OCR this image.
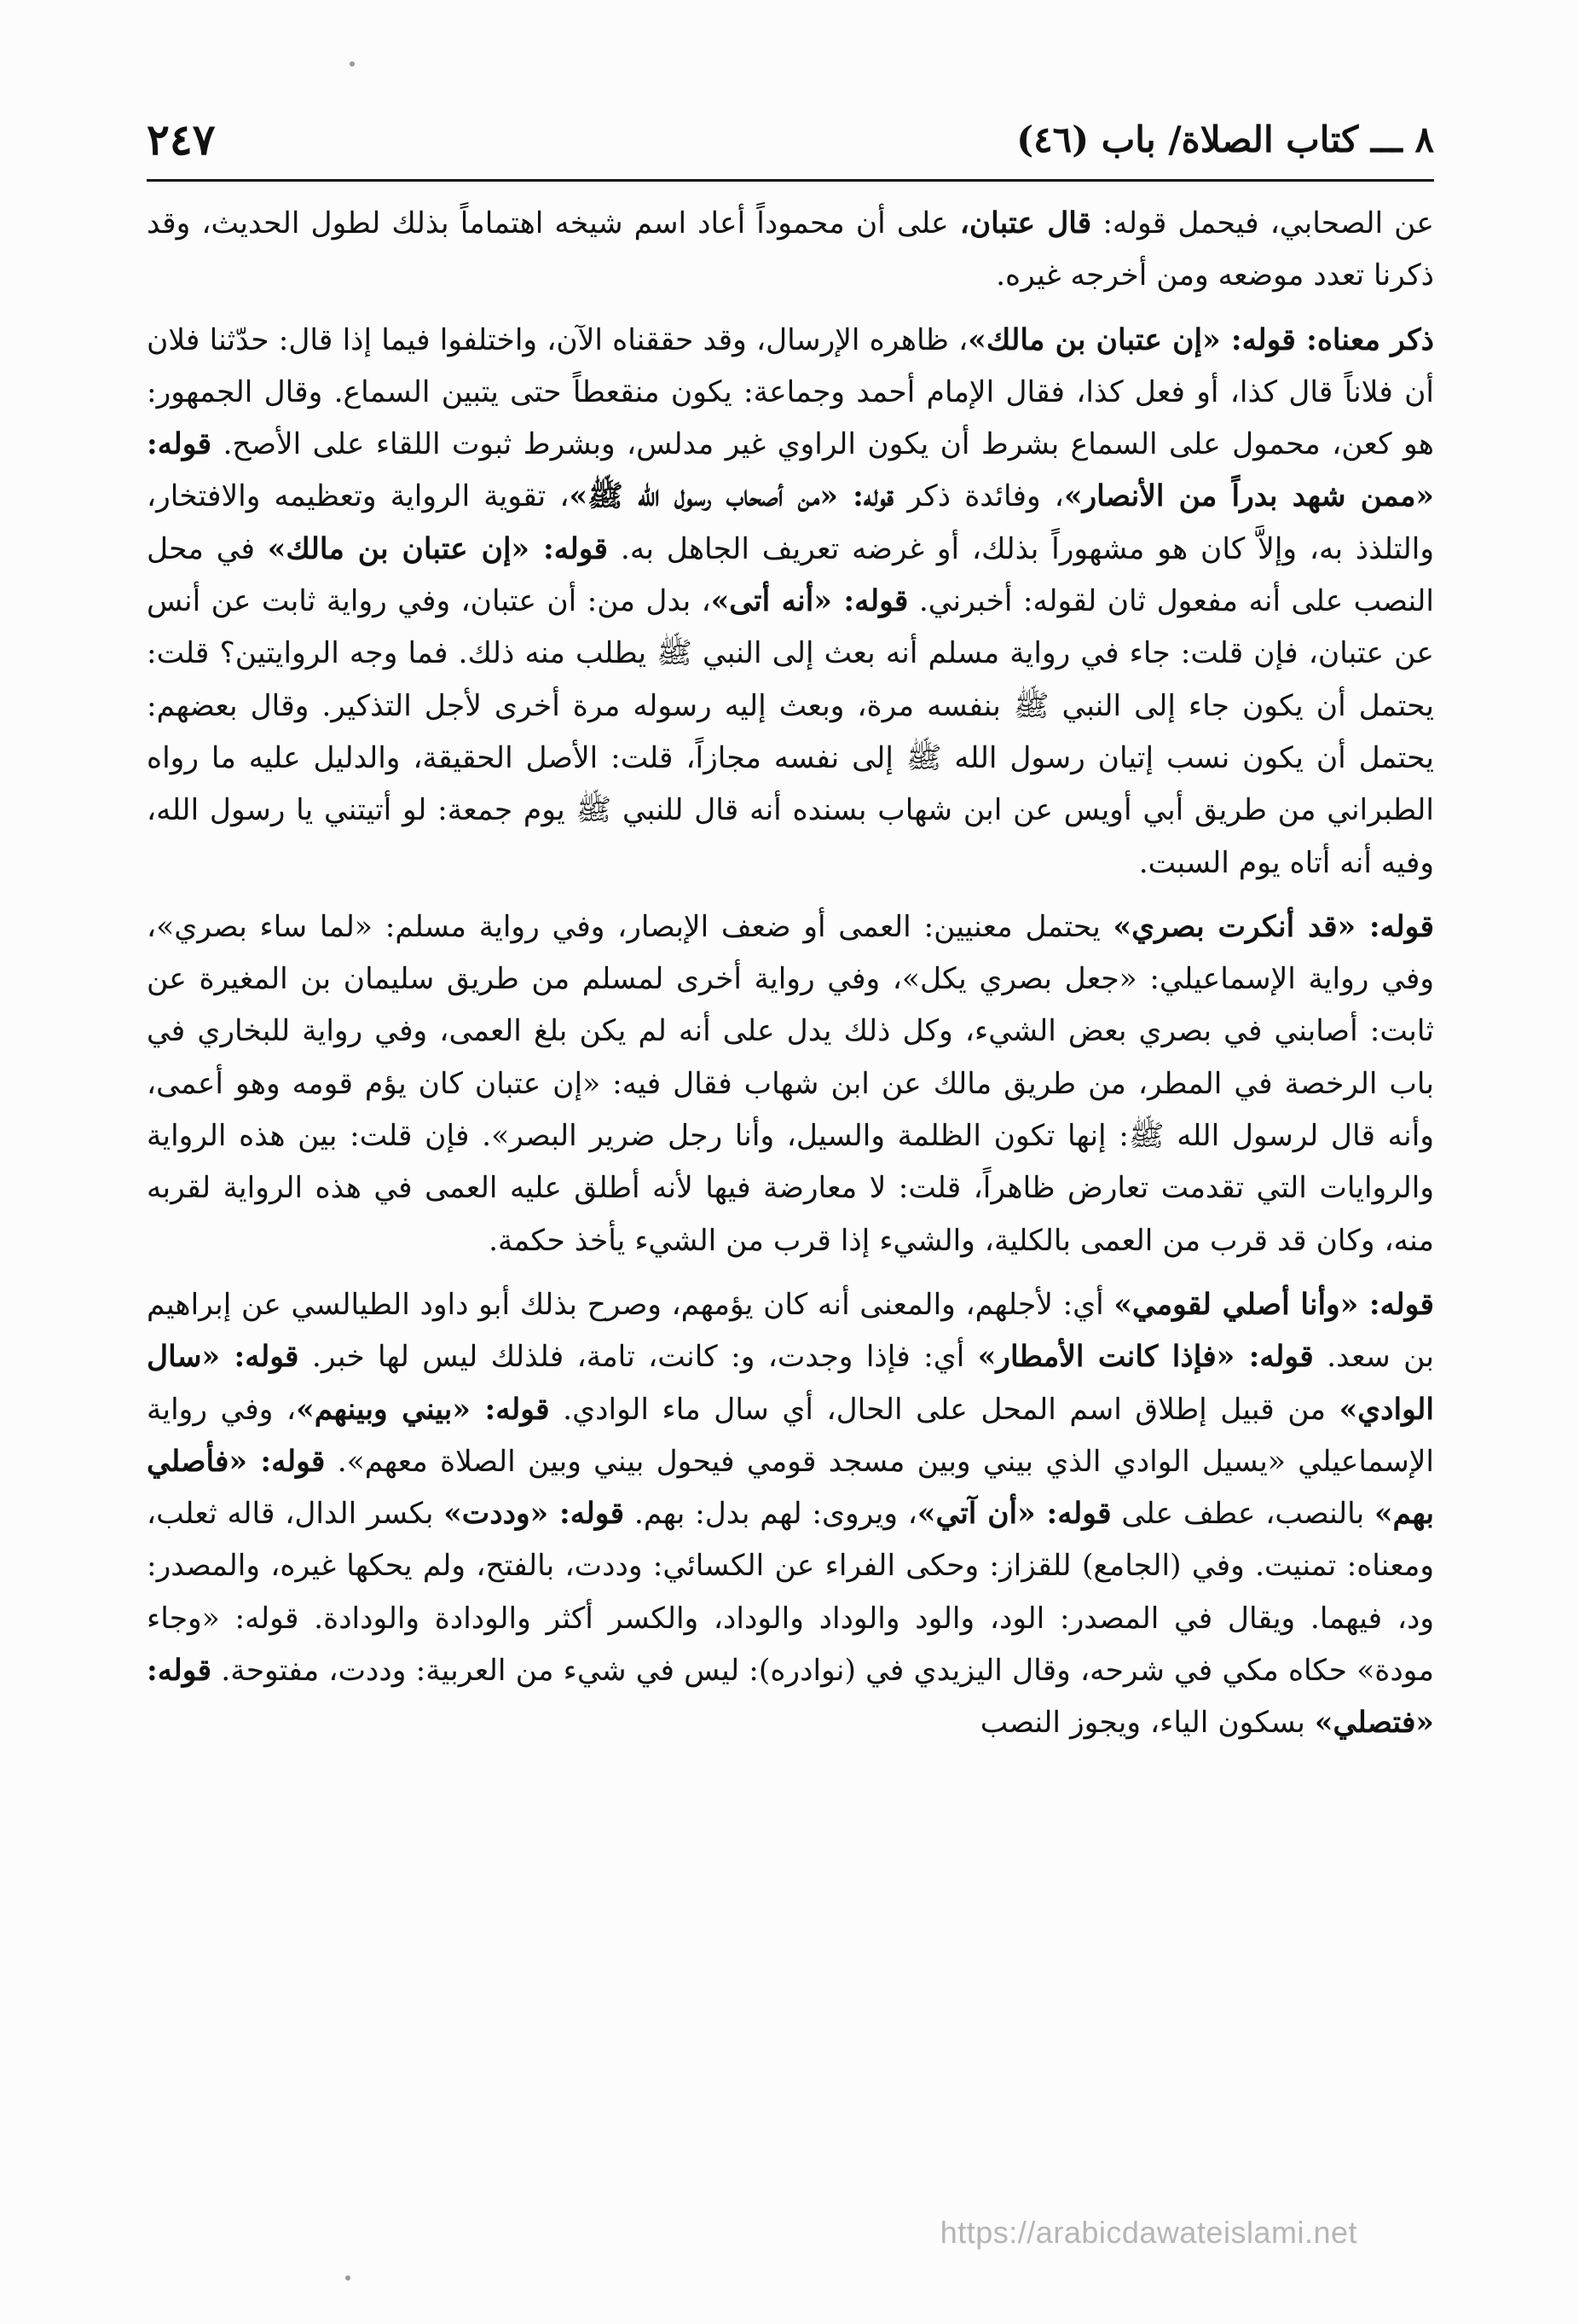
٨ ـــ كتاب الصلاة/ باب (٤٦)
٢٤٧

عن الصحابي، فيحمل قوله: قال عتبان، على أن محموداً أعاد اسم شيخه اهتماماً بذلك لطول الحديث، وقد ذكرنا تعدد موضعه ومن أخرجه غيره.

ذكر معناه: قوله: «إن عتبان بن مالك»، ظاهره الإرسال، وقد حققناه الآن، واختلفوا فيما إذا قال: حدّثنا فلان أن فلاناً قال كذا، أو فعل كذا، فقال الإمام أحمد وجماعة: يكون منقعطاً حتى يتبين السماع. وقال الجمهور: هو كعن، محمول على السماع بشرط أن يكون الراوي غير مدلس، وبشرط ثبوت اللقاء على الأصح. قوله: «ممن شهد بدراً من الأنصار»، وفائدة ذكر قوله: «من أصحاب رسول الله ﷺ»، تقوية الرواية وتعظيمه والافتخار، والتلذذ به، وإلاَّ كان هو مشهوراً بذلك، أو غرضه تعريف الجاهل به. قوله: «إن عتبان بن مالك» في محل النصب على أنه مفعول ثان لقوله: أخبرني. قوله: «أنه أتى»، بدل من: أن عتبان، وفي رواية ثابت عن أنس عن عتبان، فإن قلت: جاء في رواية مسلم أنه بعث إلى النبي ﷺ يطلب منه ذلك. فما وجه الروايتين؟ قلت: يحتمل أن يكون جاء إلى النبي ﷺ بنفسه مرة، وبعث إليه رسوله مرة أخرى لأجل التذكير. وقال بعضهم: يحتمل أن يكون نسب إتيان رسول الله ﷺ إلى نفسه مجازاً، قلت: الأصل الحقيقة، والدليل عليه ما رواه الطبراني من طريق أبي أويس عن ابن شهاب بسنده أنه قال للنبي ﷺ يوم جمعة: لو أتيتني يا رسول الله، وفيه أنه أتاه يوم السبت.

قوله: «قد أنكرت بصري» يحتمل معنيين: العمى أو ضعف الإبصار، وفي رواية مسلم: «لما ساء بصري»، وفي رواية الإسماعيلي: «جعل بصري يكل»، وفي رواية أخرى لمسلم من طريق سليمان بن المغيرة عن ثابت: أصابني في بصري بعض الشيء، وكل ذلك يدل على أنه لم يكن بلغ العمى، وفي رواية للبخاري في باب الرخصة في المطر، من طريق مالك عن ابن شهاب فقال فيه: «إن عتبان كان يؤم قومه وهو أعمى، وأنه قال لرسول الله ﷺ: إنها تكون الظلمة والسيل، وأنا رجل ضرير البصر». فإن قلت: بين هذه الرواية والروايات التي تقدمت تعارض ظاهراً، قلت: لا معارضة فيها لأنه أطلق عليه العمى في هذه الرواية لقربه منه، وكان قد قرب من العمى بالكلية، والشيء إذا قرب من الشيء يأخذ حكمة.

قوله: «وأنا أصلي لقومي» أي: لأجلهم، والمعنى أنه كان يؤمهم، وصرح بذلك أبو داود الطيالسي عن إبراهيم بن سعد. قوله: «فإذا كانت الأمطار» أي: فإذا وجدت، و: كانت، تامة، فلذلك ليس لها خبر. قوله: «سال الوادي» من قبيل إطلاق اسم المحل على الحال، أي سال ماء الوادي. قوله: «بيني وبينهم»، وفي رواية الإسماعيلي «يسيل الوادي الذي بيني وبين مسجد قومي فيحول بيني وبين الصلاة معهم». قوله: «فأصلي بهم» بالنصب، عطف على قوله: «أن آتي»، ويروى: لهم بدل: بهم. قوله: «وددت» بكسر الدال، قاله ثعلب، ومعناه: تمنيت. وفي (الجامع) للقزاز: وحكى الفراء عن الكسائي: وددت، بالفتح، ولم يحكها غيره، والمصدر: ود، فيهما. ويقال في المصدر: الود، والود والوداد والوداد، والكسر أكثر والودادة والودادة. قوله: «وجاء مودة» حكاه مكي في شرحه، وقال اليزيدي في (نوادره): ليس في شيء من العربية: وددت، مفتوحة. قوله: «فتصلي» بسكون الياء، ويجوز النصب

https://arabicdawateislami.net
